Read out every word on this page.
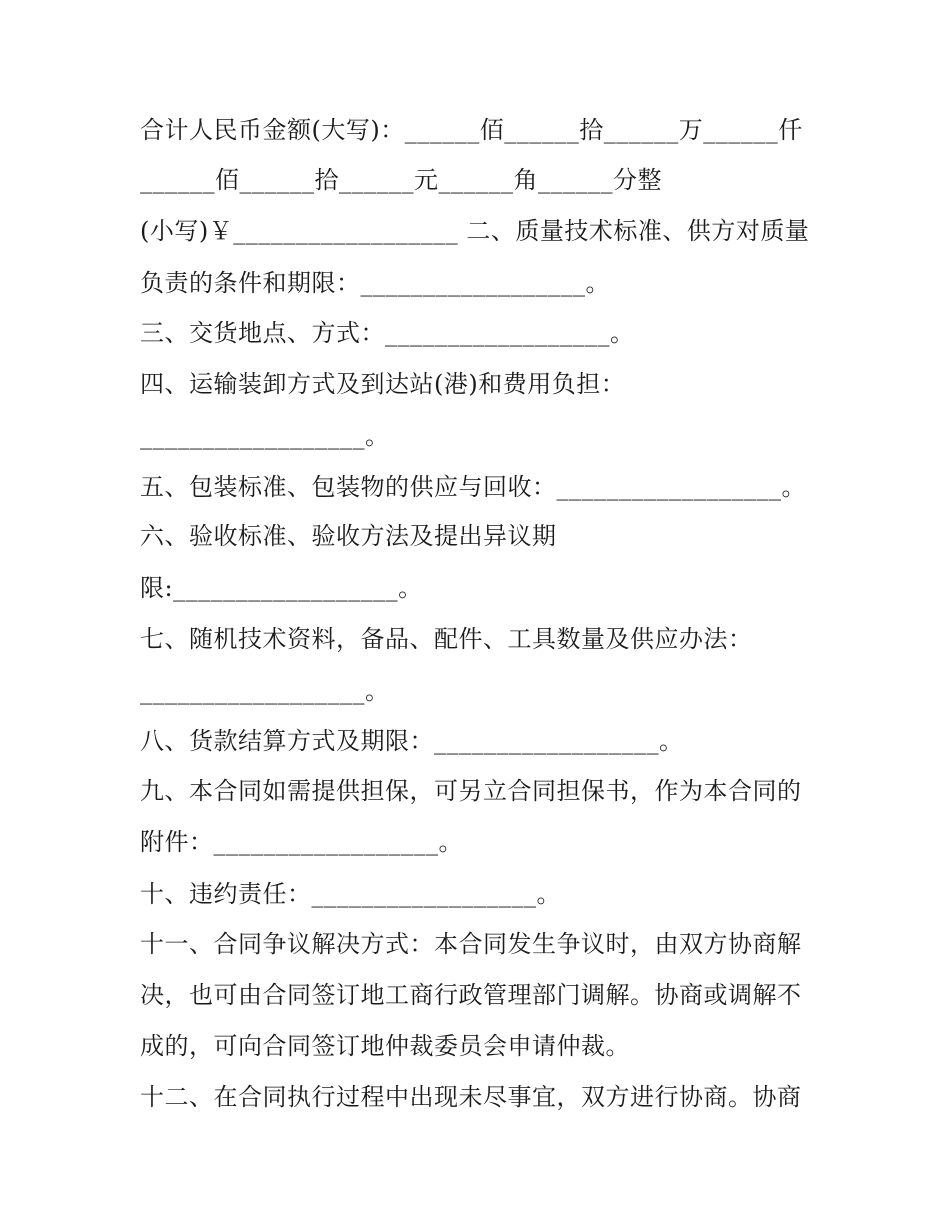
合计人民币金额(大写)：______佰______拾______万______仟
______佰______拾______元______角______分整
(小写)￥__________________ 二、质量技术标准、供方对质量
负责的条件和期限：__________________。
三、交货地点、方式：__________________。
四、运输装卸方式及到达站(港)和费用负担：
__________________。
五、包装标准、包装物的供应与回收：__________________。
六、验收标准、验收方法及提出异议期
限:__________________。
七、随机技术资料，备品、配件、工具数量及供应办法：
__________________。
八、货款结算方式及期限：__________________。
九、本合同如需提供担保，可另立合同担保书，作为本合同的
附件：__________________。
十、违约责任：__________________。
十一、合同争议解决方式：本合同发生争议时，由双方协商解
决，也可由合同签订地工商行政管理部门调解。协商或调解不
成的，可向合同签订地仲裁委员会申请仲裁。
十二、在合同执行过程中出现未尽事宜，双方进行协商。协商
